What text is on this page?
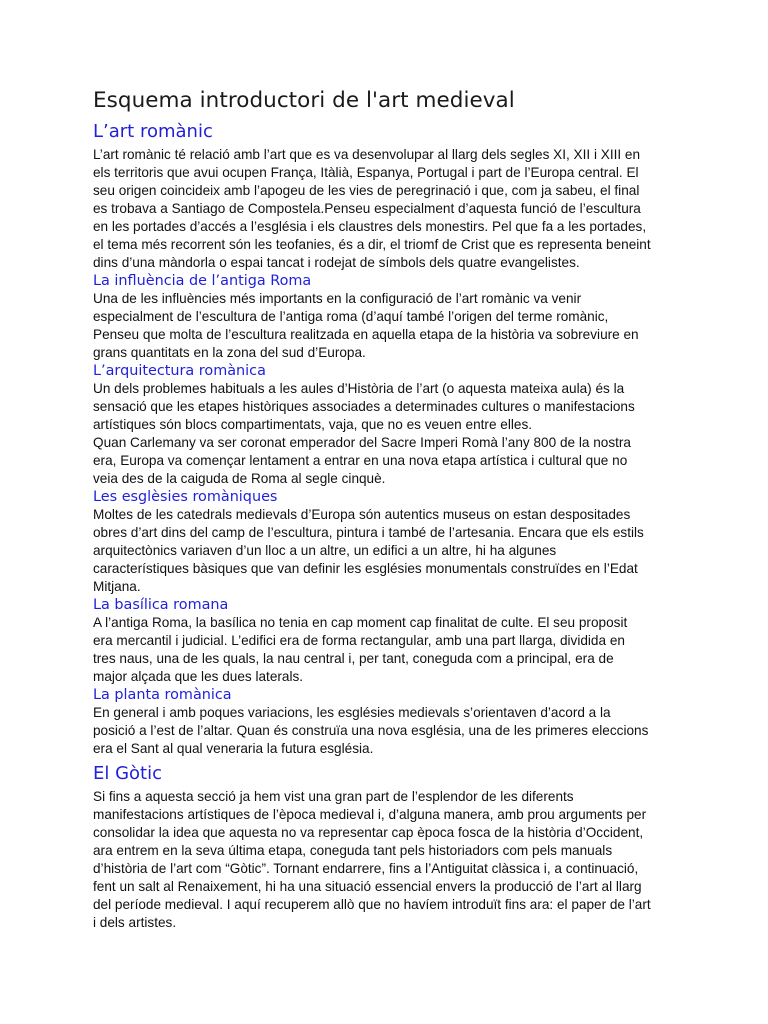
Esquema introductori de l'art medieval
L’art romànic

L’art romànic té relació amb l’art que es va desenvolupar al llarg dels segles XI, XII i XIII en
els territoris que avui ocupen França, Itàlià, Espanya, Portugal i part de l’Europa central. El
seu origen coincideix amb l’apogeu de les vies de peregrinació i que, com ja sabeu, el final
es trobava a Santiago de Compostela.Penseu especialment d’aquesta funció de l’escultura
en les portades d’accés a l’església i els claustres dels monestirs. Pel que fa a les portades,
el tema més recorrent són les teofanies, és a dir, el triomf de Crist que es representa beneint
dins d’una màndorla o espai tancat i rodejat de símbols dels quatre evangelistes.

La influència de l’antiga Roma

Una de les influències més importants en la configuració de l’art romànic va venir
especialment de l’escultura de l’antiga roma (d’aquí també l’origen del terme romànic,
Penseu que molta de l’escultura realitzada en aquella etapa de la història va sobreviure en
grans quantitats en la zona del sud d’Europa.

L’arquitectura romànica

Un dels problemes habituals a les aules d’Història de l’art (o aquesta mateixa aula) és la
sensació que les etapes històriques associades a determinades cultures o manifestacions
artístiques són blocs compartimentats, vaja, que no es veuen entre elles.

Quan Carlemany va ser coronat emperador del Sacre Imperi Romà l’any 800 de la nostra
era, Europa va començar lentament a entrar en una nova etapa artística i cultural que no
veia des de la caiguda de Roma al segle cinquè.

Les esglèsies romàniques

Moltes de les catedrals medievals d’Europa són autentics museus on estan despositades
obres d’art dins del camp de l’escultura, pintura i també de l’artesania. Encara que els estils
arquitectònics variaven d’un lloc a un altre, un edifici a un altre, hi ha algunes
característiques bàsiques que van definir les esglésies monumentals construïdes en l’Edat
Mitjana.

La basílica romana

A l’antiga Roma, la basílica no tenia en cap moment cap finalitat de culte. El seu proposit
era mercantil i judicial. L’edifici era de forma rectangular, amb una part llarga, dividida en
tres naus, una de les quals, la nau central i, per tant, coneguda com a principal, era de
major alçada que les dues laterals.

La planta romànica

En general i amb poques variacions, les esglésies medievals s’orientaven d’acord a la
posició a l’est de l’altar. Quan és construïa una nova església, una de les primeres eleccions
era el Sant al qual veneraria la futura església.

El Gòtic

Si fins a aquesta secció ja hem vist una gran part de l’esplendor de les diferents
manifestacions artístiques de l’època medieval i, d’alguna manera, amb prou arguments per
consolidar la idea que aquesta no va representar cap època fosca de la història d’Occident,
ara entrem en la seva última etapa, coneguda tant pels historiadors com pels manuals
d’història de l’art com “Gòtic”. Tornant endarrere, fins a l’Antiguitat clàssica i, a continuació,
fent un salt al Renaixement, hi ha una situació essencial envers la producció de l’art al llarg
del període medieval. I aquí recuperem allò que no havíem introduït fins ara: el paper de l’art
i dels artistes.
